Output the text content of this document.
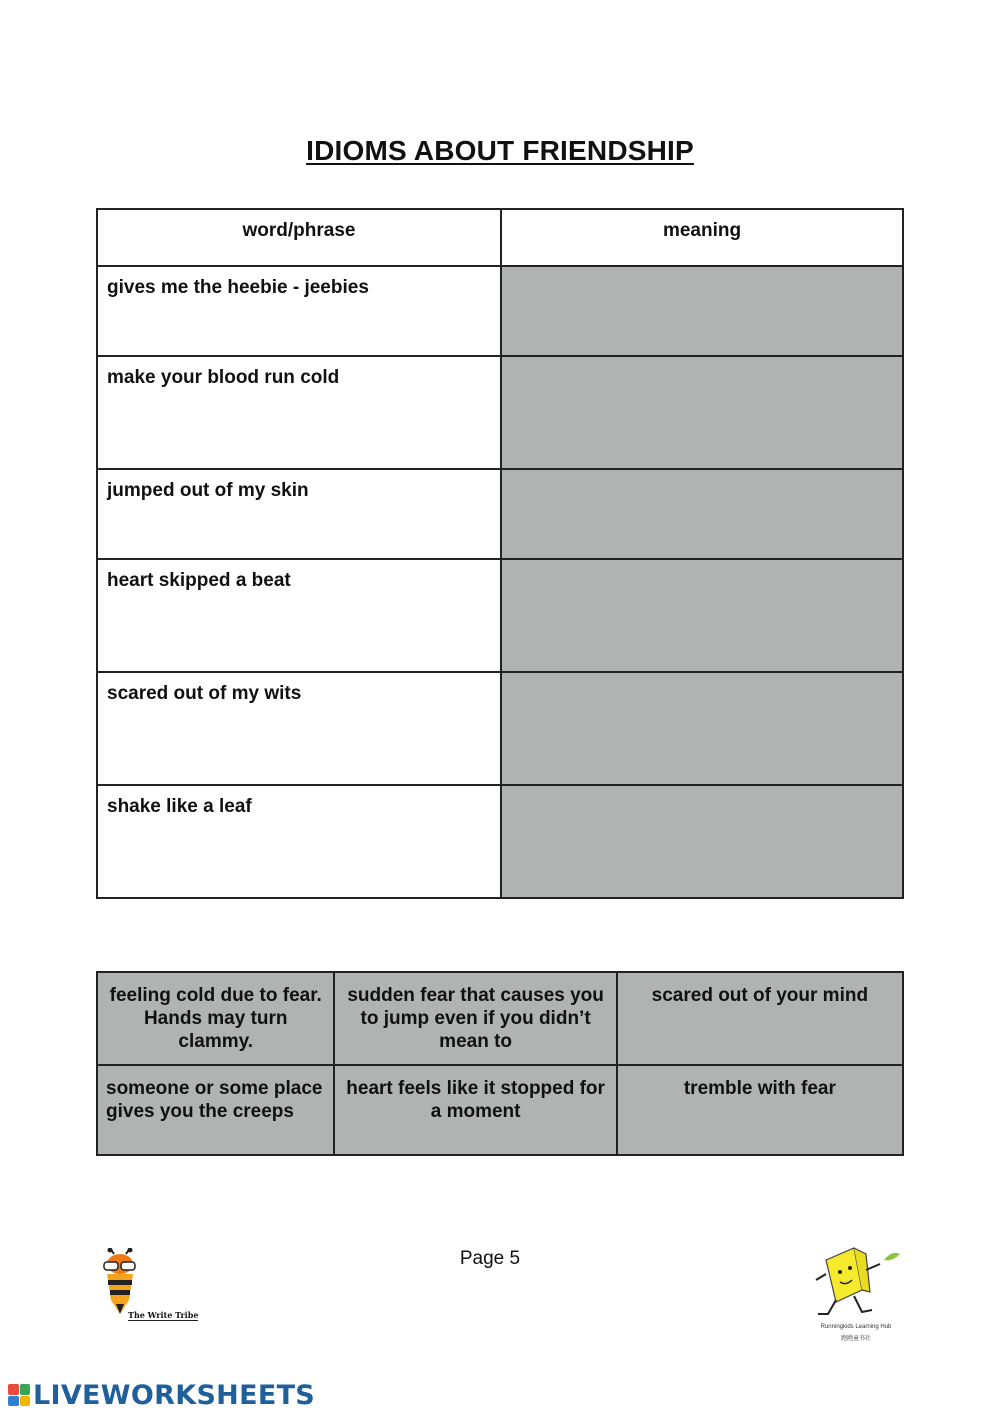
IDIOMS ABOUT FRIENDSHIP
word/phrase	meaning
gives me the heebie - jeebies	
make your blood run cold	
jumped out of my skin	
heart skipped a beat	
scared out of my wits	
shake like a leaf	
feeling cold due to fear. Hands may turn clammy.	sudden fear that causes you to jump even if you didn’t mean to	scared out of your mind
someone or some place gives you the creeps	heart feels like it stopped for a moment	tremble with fear
Page 5
The Write Tribe
Runningkids Learning Hub
跑跑童书社
LIVEWORKSHEETS
